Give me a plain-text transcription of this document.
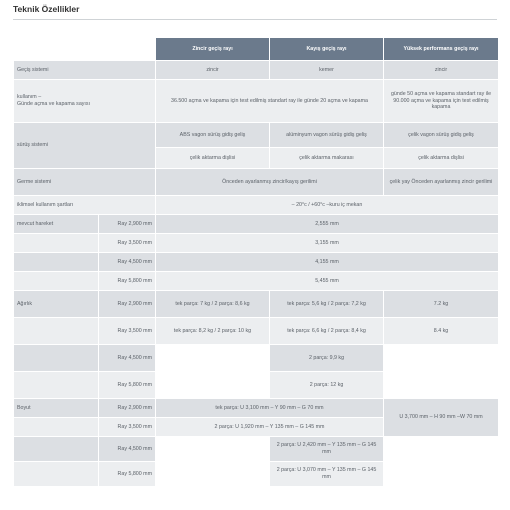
Teknik Özellikler
		Zincir geçiş rayı	Kayış geçiş rayı	Yüksek performans geçiş rayı
Geçiş sistemi		zincir	kemer	zincir
kullanım –
Günde açma ve kapama sayısı		36.500 açma ve kapama için test edilmiş standart ray ile günde 20 açma ve kapama		günde 50 açma ve kapama standart ray ile 90.000 açma ve kapama için test edilmiş kapama
sürüş sistemi		ABS vagon sürüş gidiş geliş	alüminyum vagon sürüş gidiş geliş	çelik vagon sürüş gidiş geliş
		çelik aktarma dişlisi	çelik aktarma makarası	çelik aktarma dişlisi
Germe sistemi		Önceden ayarlanmış zincir/kayış gerilimi		çelik yay Önceden ayarlanmış zincir gerilimi
iklimsel kullanım şartları		– 20°c / +60°c –kuru iç mekan		
mevcut hareket	Ray 2,900 mm	2,555 mm		
	Ray 3,500 mm	3,155 mm		
	Ray 4,500 mm	4,155 mm		
	Ray 5,800 mm	5,455 mm		
Ağırlık	Ray 2,900 mm	tek parça: 7 kg / 2 parça: 8,6 kg	tek parça: 5,6 kg / 2 parça: 7,2 kg	7.2 kg
	Ray 3,500 mm	tek parça: 8,2 kg / 2 parça: 10 kg	tek parça: 6,6 kg / 2 parça: 8,4 kg	8.4 kg
	Ray 4,500 mm		2 parça: 9,9 kg	
	Ray 5,800 mm		2 parça: 12 kg	
Boyut	Ray 2,900 mm	tek parça: U 3,100 mm – Y 90 mm – G 70 mm		U 3,700 mm – H 90 mm –W 70 mm
	Ray 3,500 mm	2 parça: U 1,920 mm – Y 135 mm – G 145 mm		
	Ray 4,500 mm		2 parça: U 2,420 mm – Y 135 mm – G 145 mm	
	Ray 5,800 mm		2 parça: U 3,070 mm – Y 135 mm – G 145 mm	
